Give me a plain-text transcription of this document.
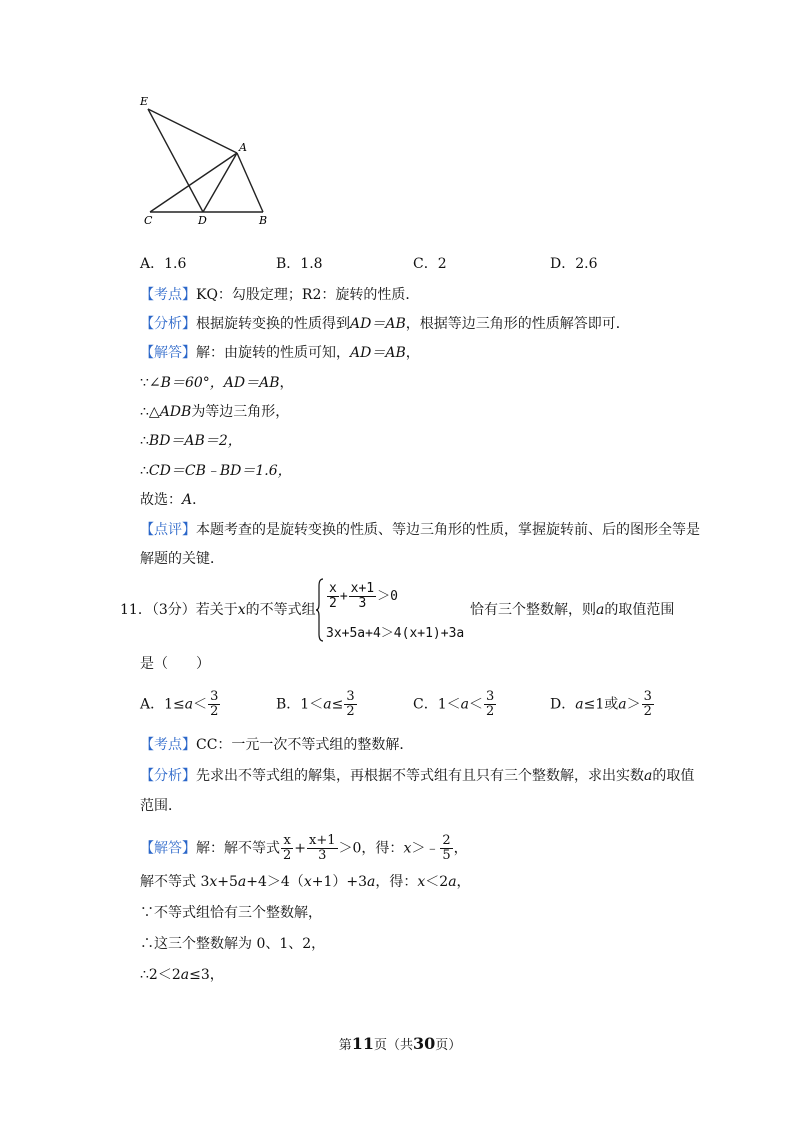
E
A
C	D	B
A．1.6	B．1.8	C．2	D．2.6
【考点】KQ：勾股定理；R2：旋转的性质．
【分析】根据旋转变换的性质得到AD＝AB，根据等边三角形的性质解答即可．
【解答】解：由旋转的性质可知，AD＝AB，
∵∠B＝60°，AD＝AB，
∴△ADB为等边三角形，
∴BD＝AB＝2，
∴CD＝CB﹣BD＝1.6，
故选：A．
【点评】本题考查的是旋转变换的性质、等边三角形的性质，掌握旋转前、后的图形全等是
解题的关键．
11．（3分）若关于x的不等式组 $\frac{x}{2} + \frac{x+1}{3} >0$
3x+5a+4＞4(x+1)+3a
恰有三个整数解，则a的取值范围
是（　　）
A．$1\le a< \frac{3}{2}$	B．$1<a\le \frac{3}{2}$	C．$1<a< \frac{3}{2}$	D．a≤1或$a> \frac{3}{2}$
【考点】CC：一元一次不等式组的整数解．
【分析】先求出不等式组的解集，再根据不等式组有且只有三个整数解，求出实数a的取值
范围．
【解答】解：解不等式 $\frac{x}{2} + \frac{x+1}{3} >0$，得：x＞﹣ $\frac{2}{5}$ ，
解不等式 3x+5a+4＞4（x+1）+3a，得：x＜2a，
∵不等式组恰有三个整数解，
∴这三个整数解为 0、1、2，
∴2＜2a≤3，
第11页（共30页）
